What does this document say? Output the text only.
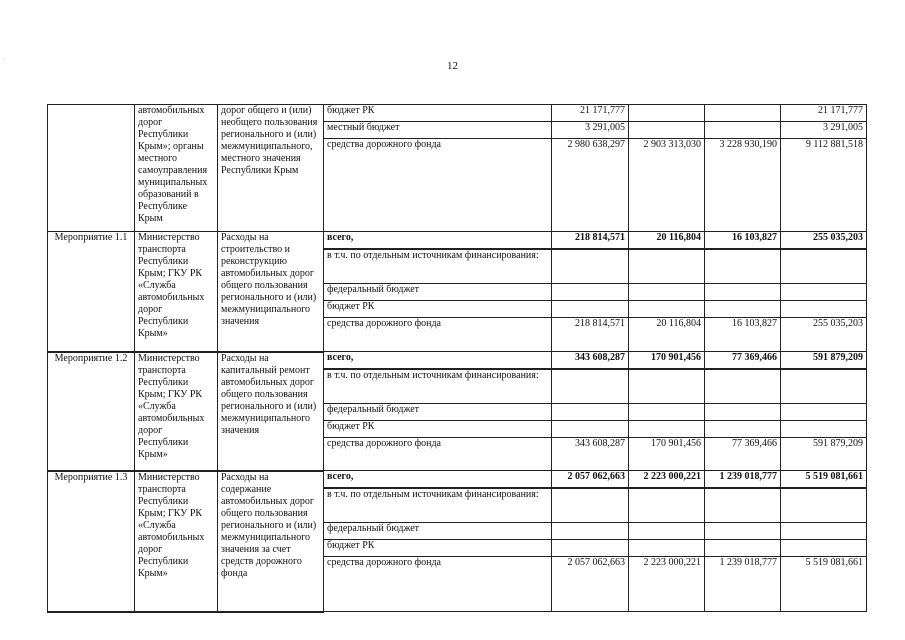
₎
12
	автомобильных дорог Республики Крым»; органы местного самоуправления муниципальных образований в Республике Крым	дорог общего и (или) необщего пользования регионального и (или) межмуниципального, местного значения Республики Крым	бюджет РК	21 171,777			21 171,777
			местный бюджет	3 291,005			3 291,005
			средства дорожного фонда	2 980 638,297	2 903 313,030	3 228 930,190	9 112 881,518
Мероприятие 1.1	Министерство транспорта Республики Крым; ГКУ РК «Служба автомобильных дорог Республики Крым»	Расходы на строительство и реконструкцию автомобильных дорог общего пользования регионального и (или) межмуниципального значения	всего,	218 814,571	20 116,804	16 103,827	255 035,203
			в т.ч. по отдельным источникам финансирования:				
			федеральный бюджет				
			бюджет РК				
			средства дорожного фонда	218 814,571	20 116,804	16 103,827	255 035,203
Мероприятие 1.2	Министерство транспорта Республики Крым; ГКУ РК «Служба автомобильных дорог Республики Крым»	Расходы на капитальный ремонт автомобильных дорог общего пользования регионального и (или) межмуниципального значения	всего,	343 608,287	170 901,456	77 369,466	591 879,209
			в т.ч. по отдельным источникам финансирования:				
			федеральный бюджет				
			бюджет РК				
			средства дорожного фонда	343 608,287	170 901,456	77 369,466	591 879,209
Мероприятие 1.3	Министерство транспорта Республики Крым; ГКУ РК «Служба автомобильных дорог Республики Крым»	Расходы на содержание автомобильных дорог общего пользования регионального и (или) межмуниципального значения за счет средств дорожного фонда	всего,	2 057 062,663	2 223 000,221	1 239 018,777	5 519 081,661
			в т.ч. по отдельным источникам финансирования:				
			федеральный бюджет				
			бюджет РК				
			средства дорожного фонда	2 057 062,663	2 223 000,221	1 239 018,777	5 519 081,661
